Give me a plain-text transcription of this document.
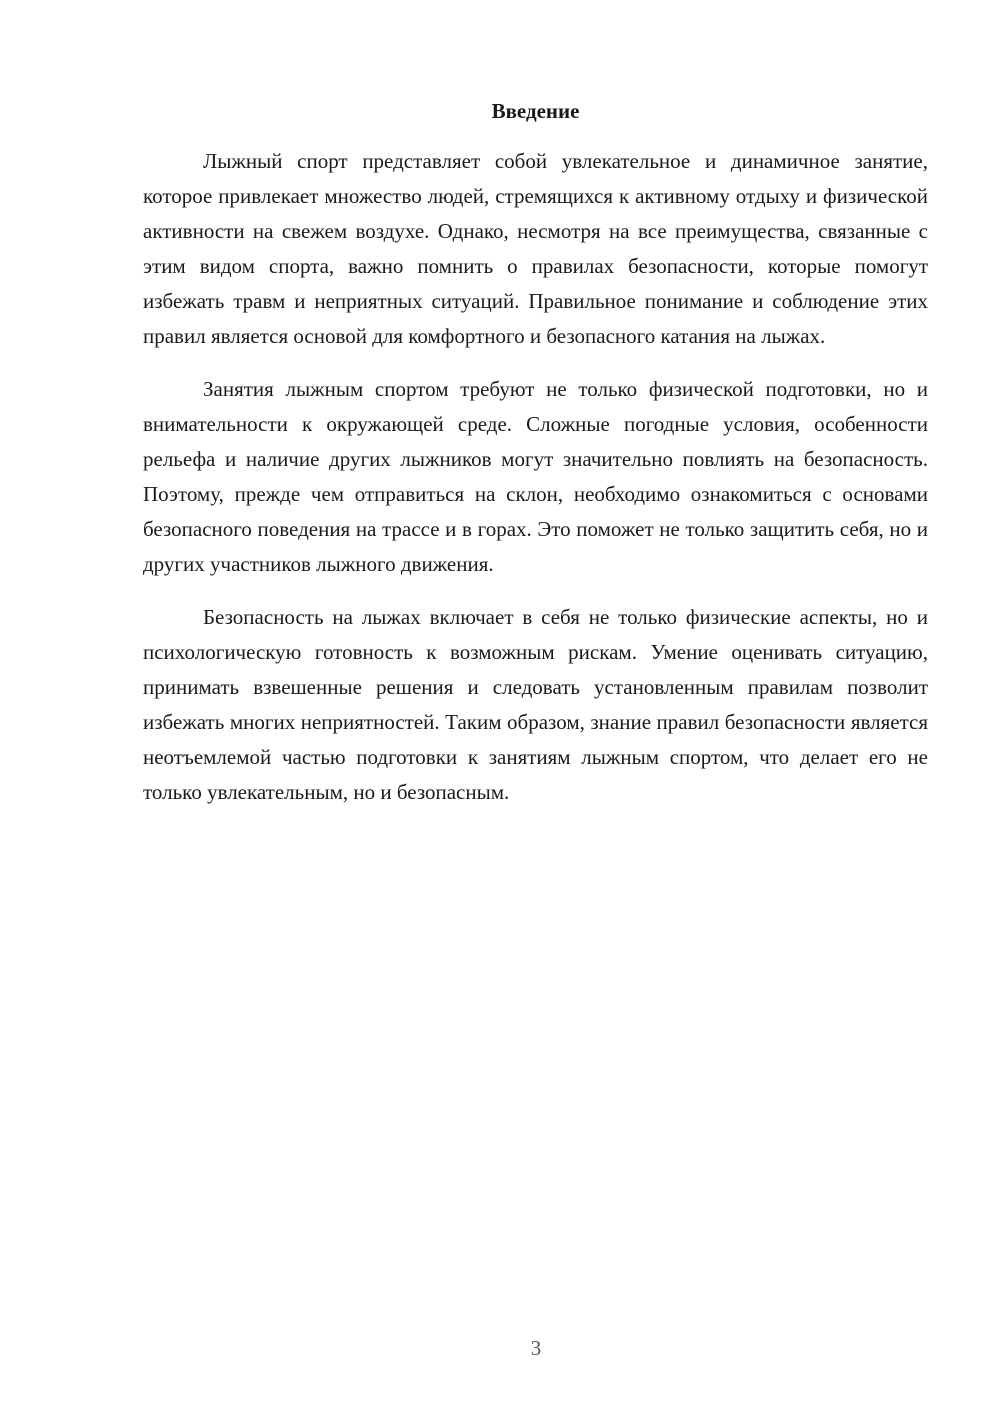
Введение

Лыжный спорт представляет собой увлекательное и динамичное занятие, которое привлекает множество людей, стремящихся к активному отдыху и физической активности на свежем воздухе. Однако, несмотря на все преимущества, связанные с этим видом спорта, важно помнить о правилах безопасности, которые помогут избежать травм и неприятных ситуаций. Правильное понимание и соблюдение этих правил является основой для комфортного и безопасного катания на лыжах.

Занятия лыжным спортом требуют не только физической подготовки, но и внимательности к окружающей среде. Сложные погодные условия, особенности рельефа и наличие других лыжников могут значительно повлиять на безопасность. Поэтому, прежде чем отправиться на склон, необходимо ознакомиться с основами безопасного поведения на трассе и в горах. Это поможет не только защитить себя, но и других участников лыжного движения.

Безопасность на лыжах включает в себя не только физические аспекты, но и психологическую готовность к возможным рискам. Умение оценивать ситуацию, принимать взвешенные решения и следовать установленным правилам позволит избежать многих неприятностей. Таким образом, знание правил безопасности является неотъемлемой частью подготовки к занятиям лыжным спортом, что делает его не только увлекательным, но и безопасным.

3
